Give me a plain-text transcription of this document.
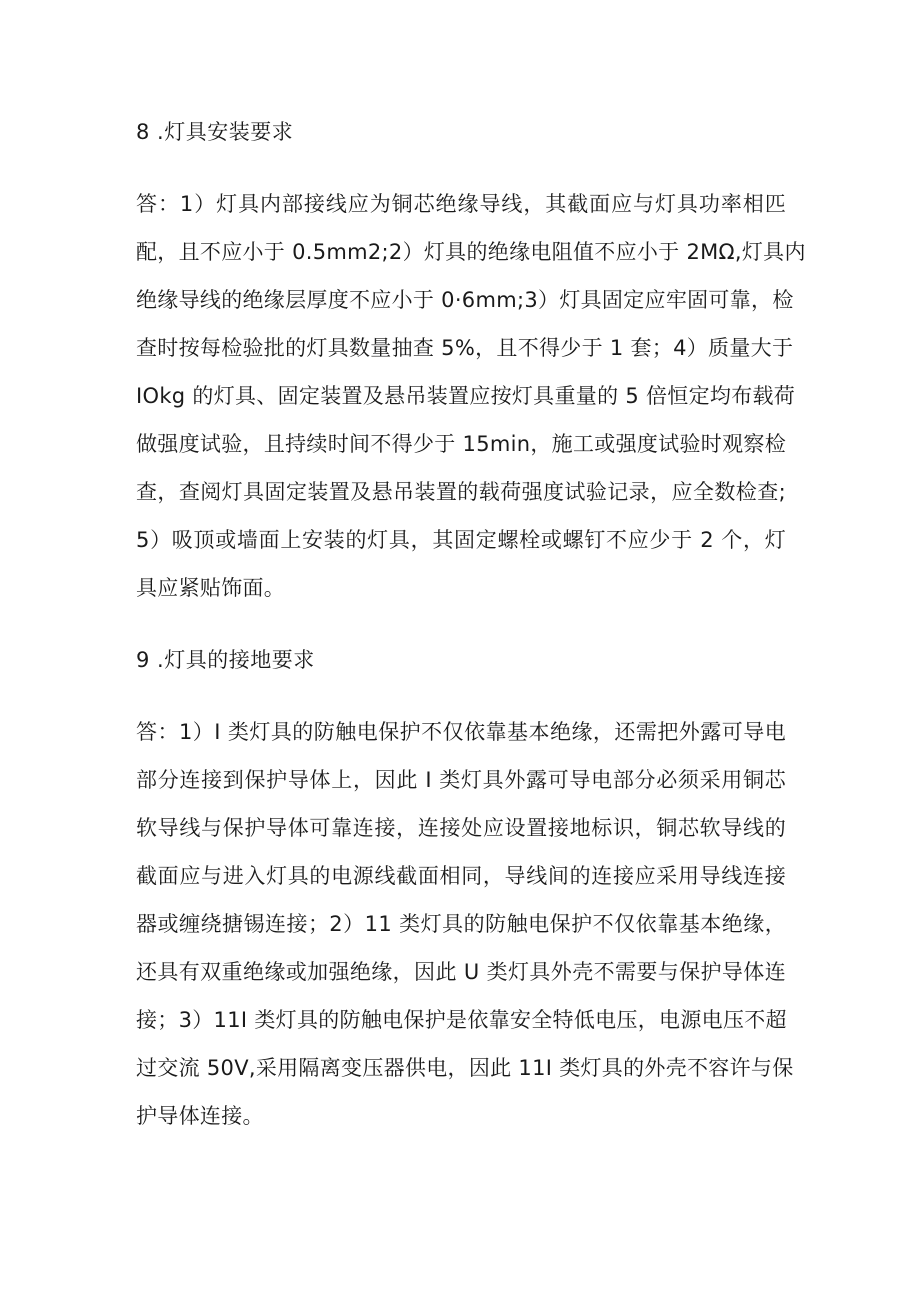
8 .灯具安装要求
答：1）灯具内部接线应为铜芯绝缘导线，其截面应与灯具功率相匹
配，且不应小于 0.5mm2;2）灯具的绝缘电阻值不应小于 2MΩ,灯具内
绝缘导线的绝缘层厚度不应小于 0·6mm;3）灯具固定应牢固可靠，检
查时按每检验批的灯具数量抽查 5%，且不得少于 1 套；4）质量大于
IOkg 的灯具、固定装置及悬吊装置应按灯具重量的 5 倍恒定均布载荷
做强度试验，且持续时间不得少于 15min，施工或强度试验时观察检
查，查阅灯具固定装置及悬吊装置的载荷强度试验记录，应全数检查;
5）吸顶或墙面上安装的灯具，其固定螺栓或螺钉不应少于 2 个，灯
具应紧贴饰面。
9 .灯具的接地要求
答：1）I 类灯具的防触电保护不仅依靠基本绝缘，还需把外露可导电
部分连接到保护导体上，因此 I 类灯具外露可导电部分必须采用铜芯
软导线与保护导体可靠连接，连接处应设置接地标识，铜芯软导线的
截面应与进入灯具的电源线截面相同，导线间的连接应采用导线连接
器或缠绕搪锡连接；2）11 类灯具的防触电保护不仅依靠基本绝缘，
还具有双重绝缘或加强绝缘，因此 U 类灯具外壳不需要与保护导体连
接；3）11I 类灯具的防触电保护是依靠安全特低电压，电源电压不超
过交流 50V,采用隔离变压器供电，因此 11I 类灯具的外壳不容许与保
护导体连接。
